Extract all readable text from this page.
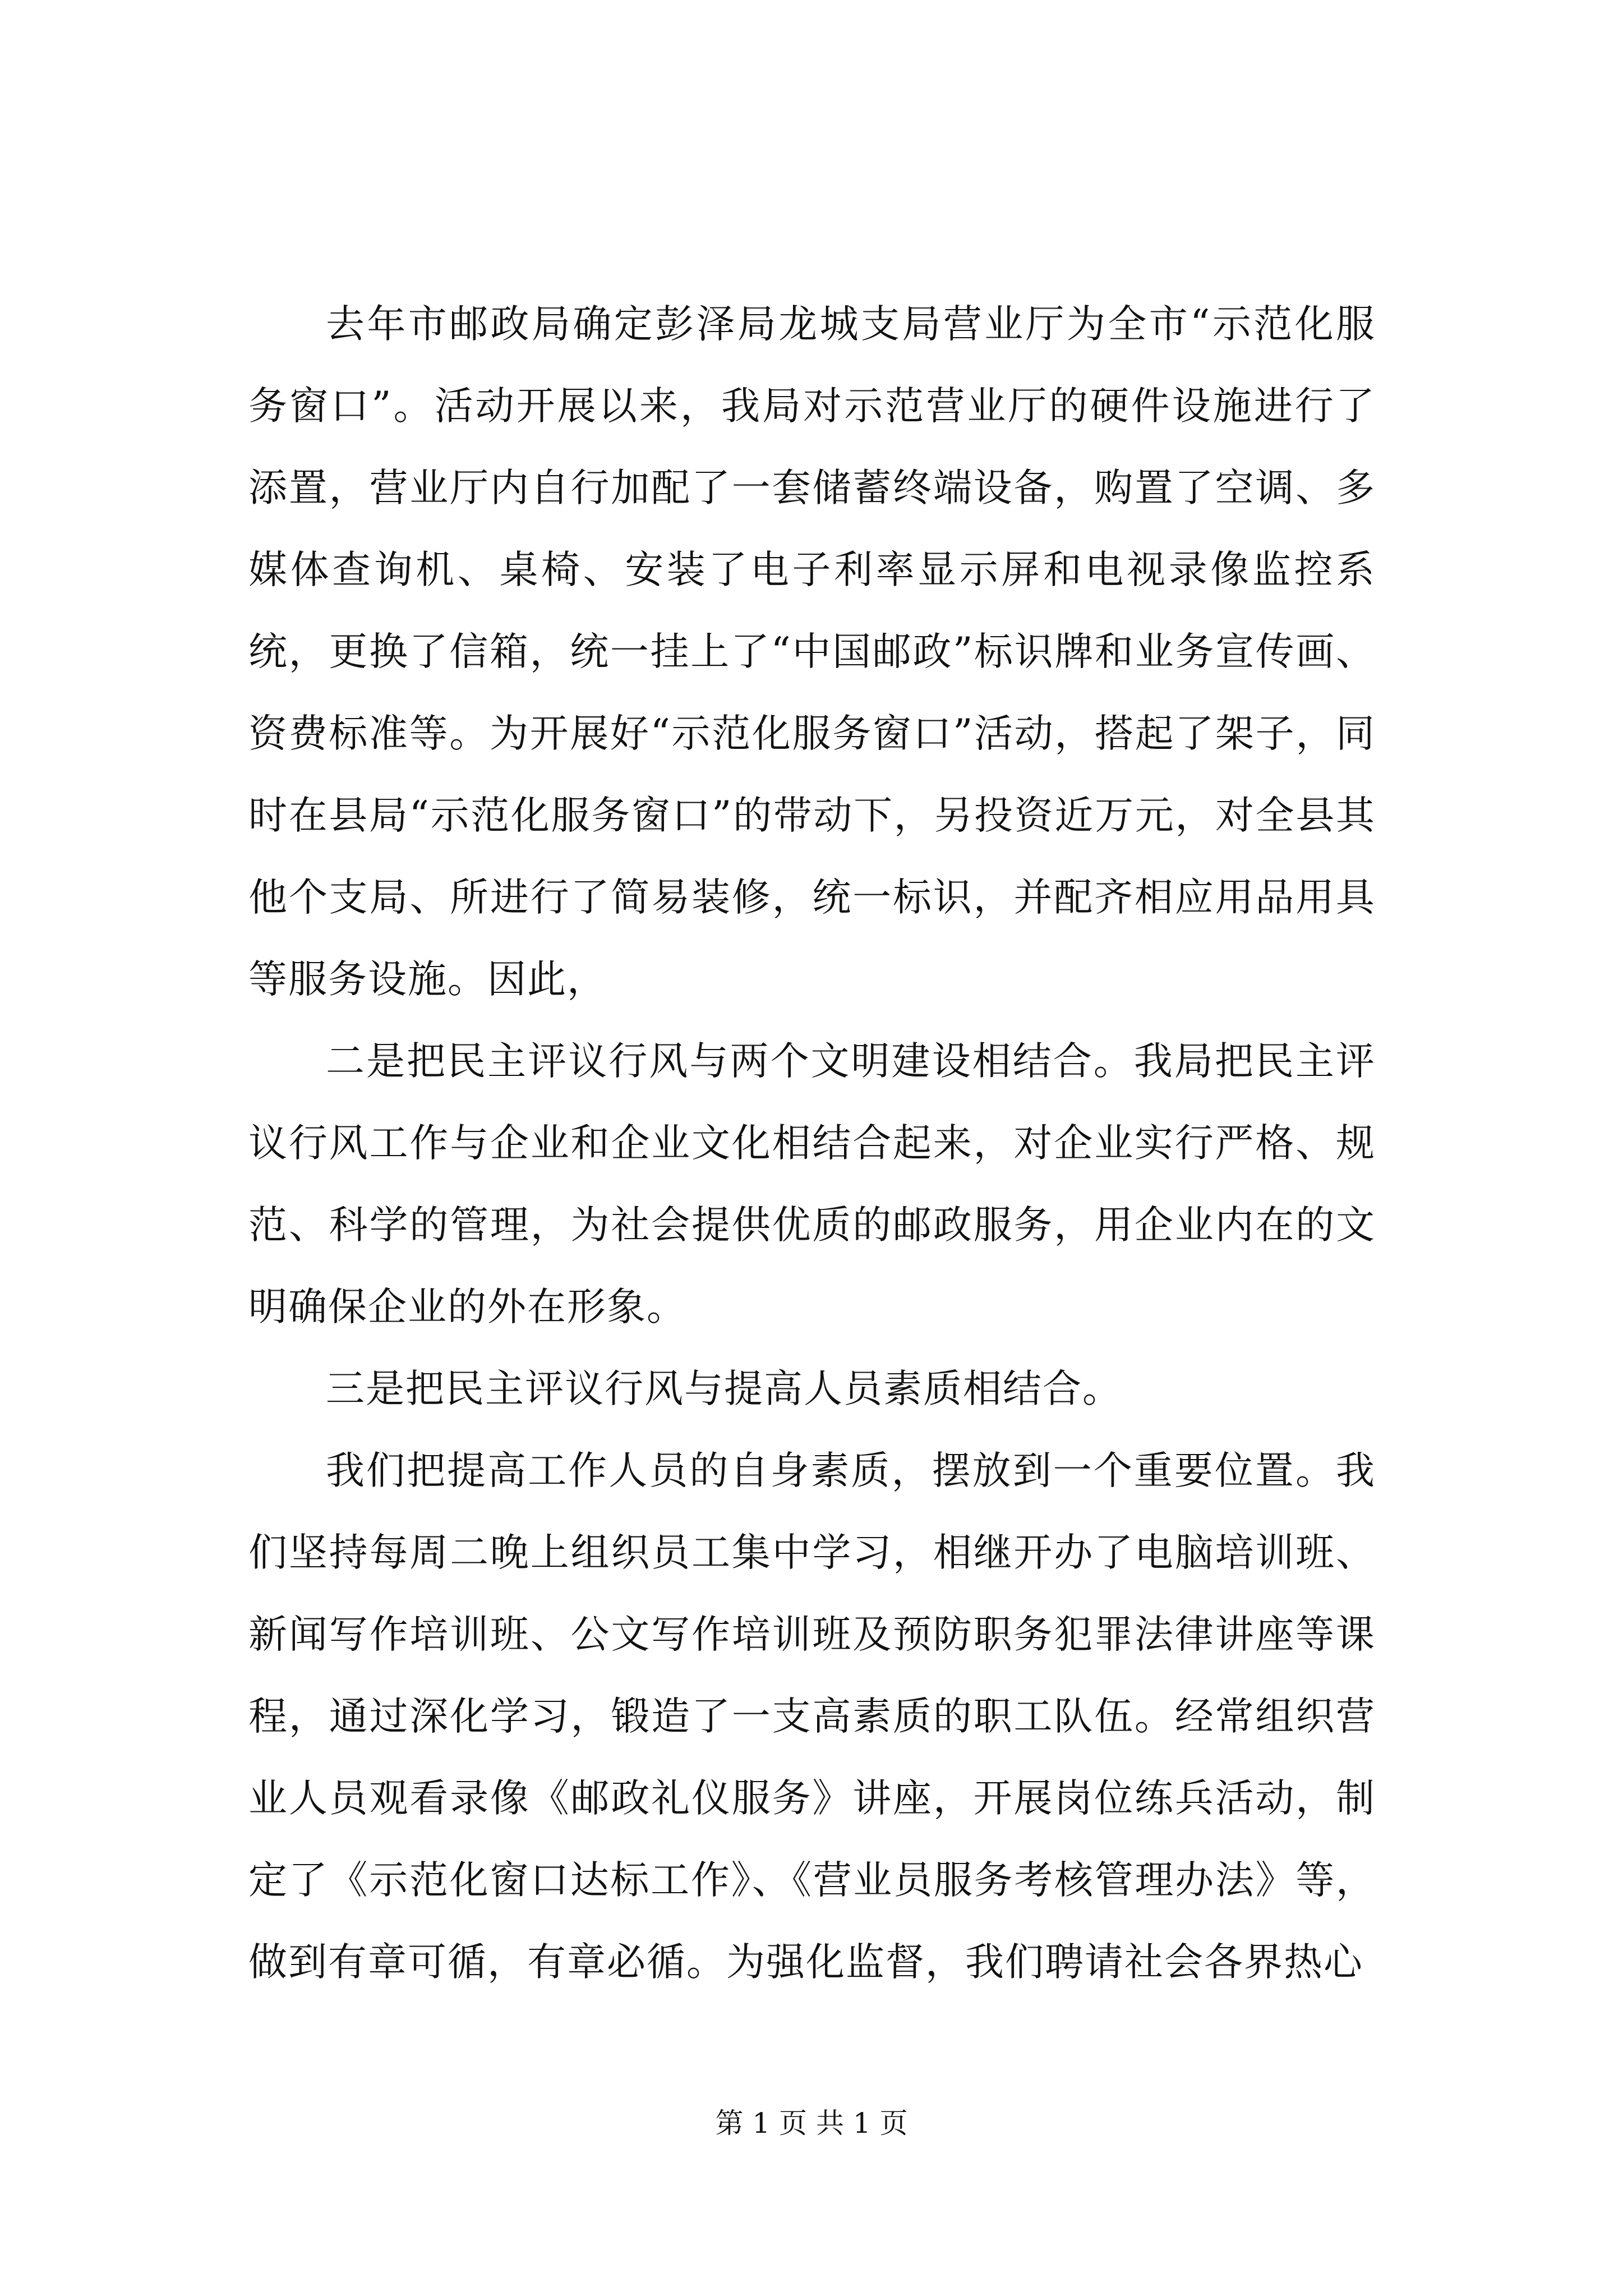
去年市邮政局确定彭泽局龙城支局营业厅为全市“示范化服务窗口”。活动开展以来，我局对示范营业厅的硬件设施进行了添置，营业厅内自行加配了一套储蓄终端设备，购置了空调、多媒体查询机、桌椅、安装了电子利率显示屏和电视录像监控系统，更换了信箱，统一挂上了“中国邮政”标识牌和业务宣传画、资费标准等。为开展好“示范化服务窗口”活动，搭起了架子，同时在县局“示范化服务窗口”的带动下，另投资近万元，对全县其他个支局、所进行了简易装修，统一标识，并配齐相应用品用具等服务设施。因此，

二是把民主评议行风与两个文明建设相结合。我局把民主评议行风工作与企业和企业文化相结合起来，对企业实行严格、规范、科学的管理，为社会提供优质的邮政服务，用企业内在的文明确保企业的外在形象。

三是把民主评议行风与提高人员素质相结合。

我们把提高工作人员的自身素质，摆放到一个重要位置。我们坚持每周二晚上组织员工集中学习，相继开办了电脑培训班、新闻写作培训班、公文写作培训班及预防职务犯罪法律讲座等课程，通过深化学习，锻造了一支高素质的职工队伍。经常组织营业人员观看录像《邮政礼仪服务》讲座，开展岗位练兵活动，制定了《示范化窗口达标工作》、《营业员服务考核管理办法》等，做到有章可循，有章必循。为强化监督，我们聘请社会各界热心

第 1 页 共 1 页
